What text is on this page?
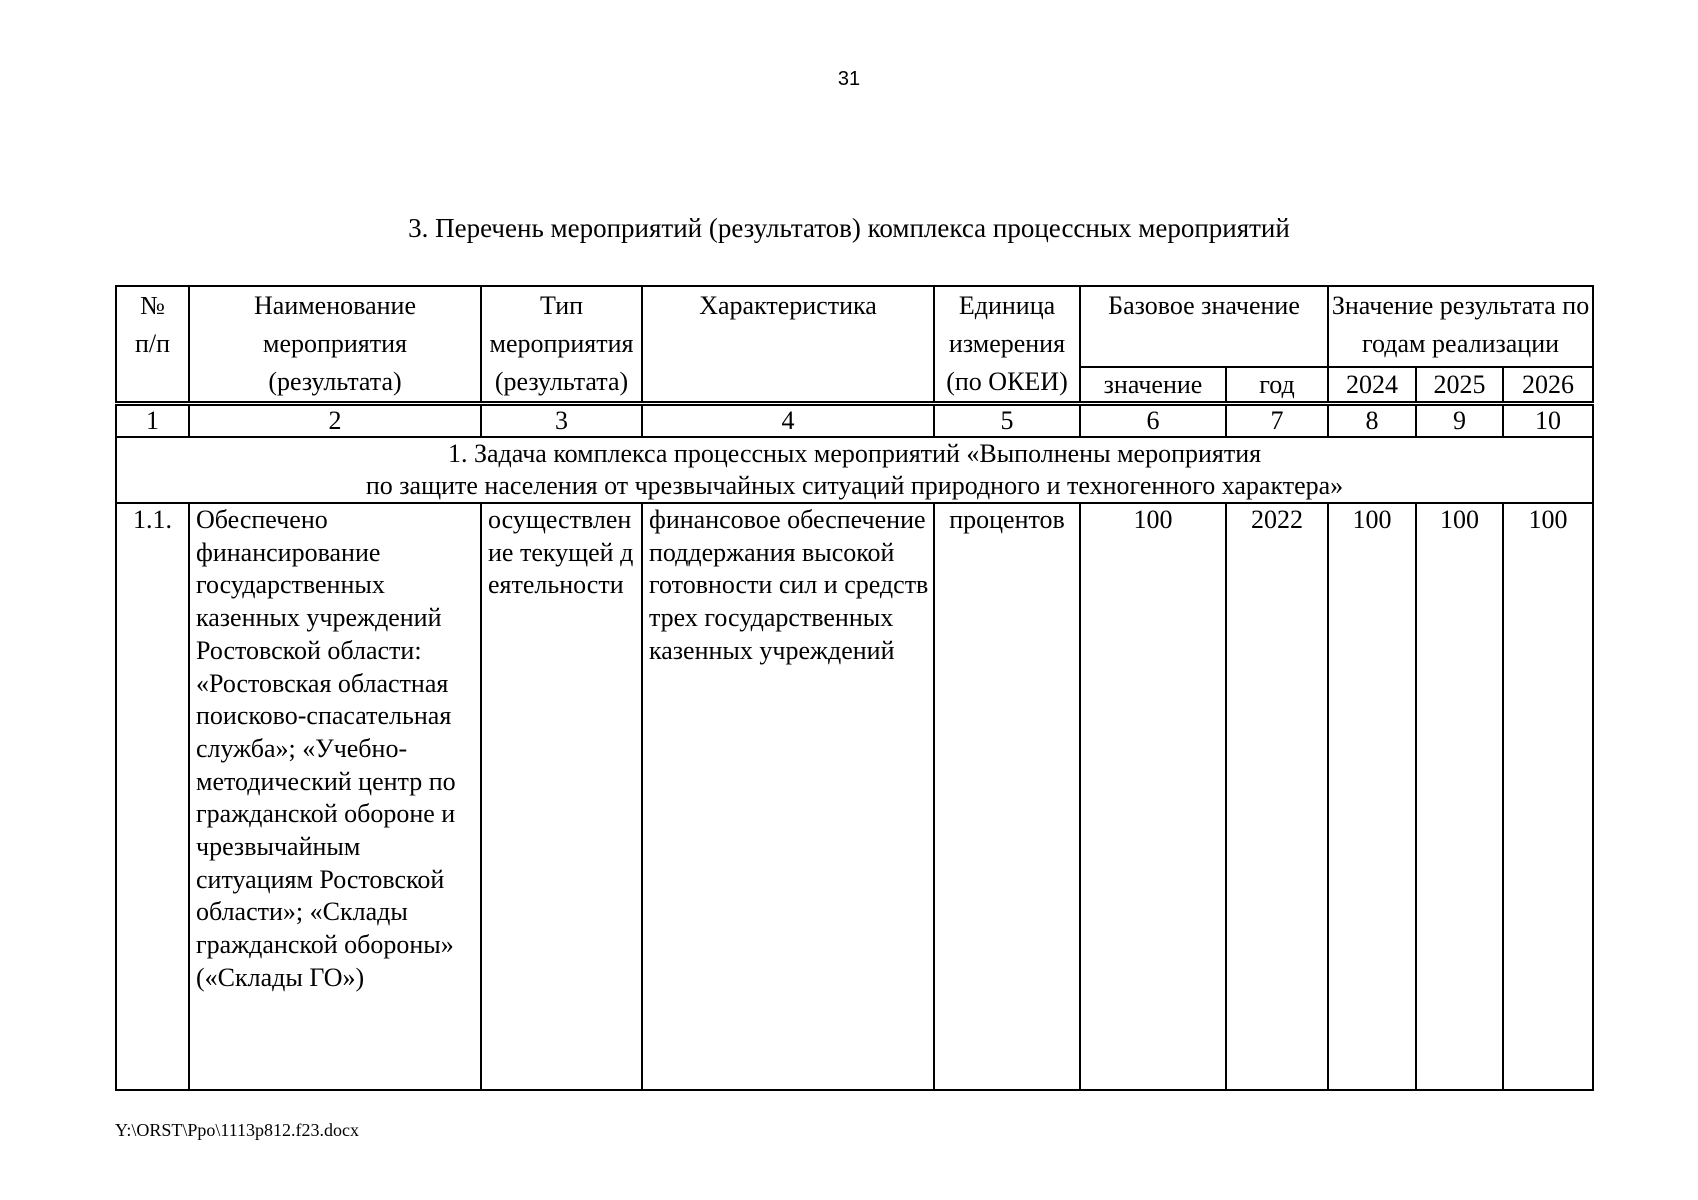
31
3. Перечень мероприятий (результатов) комплекса процессных мероприятий
№ п/п	Наименование мероприятия (результата)	Тип мероприятия (результата)	Характеристика	Единица измерения (по ОКЕИ)	Базовое значение		Значение результата по годам реализации		
					значение	год	2024	2025	2026
1	2	3	4	5	6	7	8	9	10

1. Задача комплекса процессных мероприятий «Выполнены мероприятия
по защите населения от чрезвычайных ситуаций природного и техногенного характера»									

1.1.	Обеспечено финансирование государственных казенных учреждений Ростовской области: «Ростовская областная поисково-спасательная служба»; «Учебно-методический центр по гражданской обороне и чрезвычайным ситуациям Ростовской области»; «Склады гражданской обороны» («Склады ГО»)	осуществление текущей деятельности	финансовое обеспечение поддержания высокой готовности сил и средств трех государственных казенных учреждений	процентов	100	2022	100	100	100
Y:\ORST\Ppo\1113p812.f23.docx
